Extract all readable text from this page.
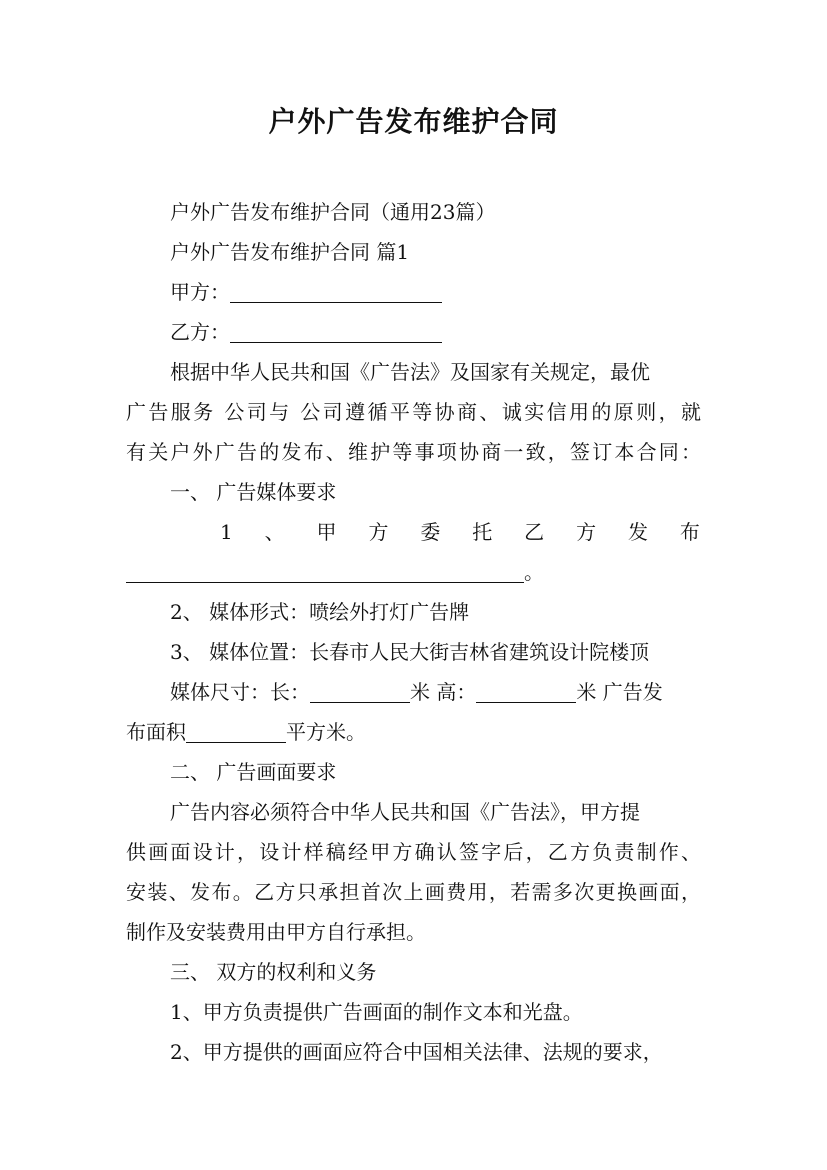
户外广告发布维护合同
户外广告发布维护合同（通用23篇）
户外广告发布维护合同 篇1
甲方：
乙方：
根据中华人民共和国《广告法》及国家有关规定，最优
广告服务 公司与 公司遵循平等协商、诚实信用的原则，就
有关户外广告的发布、维护等事项协商一致，签订本合同：
一、 广告媒体要求
1 、 甲 方 委 托 乙 方 发 布
。
2、 媒体形式：喷绘外打灯广告牌
3、 媒体位置：长春市人民大街吉林省建筑设计院楼顶
媒体尺寸：长：	米 高：	米 广告发
布面积	平方米。
二、 广告画面要求
广告内容必须符合中华人民共和国《广告法》，甲方提
供画面设计，设计样稿经甲方确认签字后，乙方负责制作、
安装、发布。乙方只承担首次上画费用，若需多次更换画面，
制作及安装费用由甲方自行承担。
三、 双方的权利和义务
1、甲方负责提供广告画面的制作文本和光盘。
2、甲方提供的画面应符合中国相关法律、法规的要求，
